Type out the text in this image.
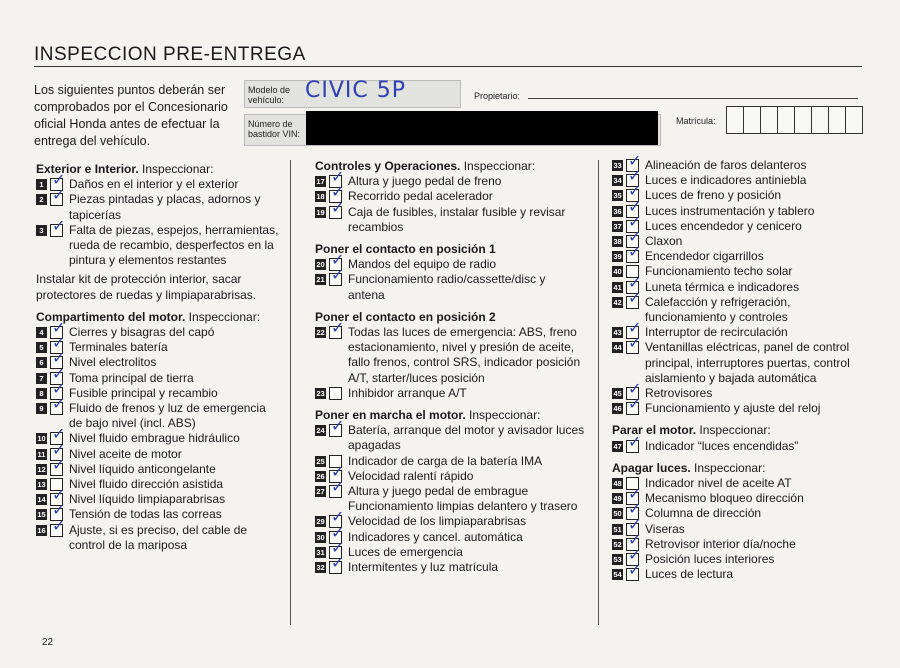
INSPECCION PRE-ENTREGA
Los siguientes puntos deberán ser comprobados por el Concesionario oficial Honda antes de efectuar la entrega del vehículo.
Modelo de vehículo: CIVIC 5P	Propietario:
Número de bastidor VIN:
Matrícula:
Exterior e Interior. Inspeccionar:
1 ✓ Daños en el interior y el exterior
2 ✓ Piezas pintadas y placas, adornos y tapicerías
3 ✓ Falta de piezas, espejos, herramientas, rueda de recambio, desperfectos en la pintura y elementos restantes
Instalar kit de protección interior, sacar protectores de ruedas y limpiaparabrisas.
Compartimento del motor. Inspeccionar:
4 ✓ Cierres y bisagras del capó
5 ✓ Terminales batería
6 ✓ Nivel electrolitos
7 ✓ Toma principal de tierra
8 ✓ Fusible principal y recambio
9 ✓ Fluido de frenos y luz de emergencia de bajo nivel (incl. ABS)
10 ✓ Nivel fluido embrague hidráulico
11 ✓ Nivel aceite de motor
12 ✓ Nivel líquido anticongelante
13 Nivel fluido dirección asistida
14 ✓ Nivel líquido limpiaparabrisas
15 ✓ Tensión de todas las correas
16 ✓ Ajuste, si es preciso, del cable de control de la mariposa
Controles y Operaciones. Inspeccionar:
17 ✓ Altura y juego pedal de freno
18 ✓ Recorrido pedal acelerador
19 ✓ Caja de fusibles, instalar fusible y revisar recambios
Poner el contacto en posición 1
20 ✓ Mandos del equipo de radio
21 ✓ Funcionamiento radio/cassette/disc y antena
Poner el contacto en posición 2
22 ✓ Todas las luces de emergencia: ABS, freno estacionamiento, nivel y presión de aceite, fallo frenos, control SRS, indicador posición A/T, starter/luces posición
23 Inhibidor arranque A/T
Poner en marcha el motor. Inspeccionar:
24 ✓ Batería, arranque del motor y avisador luces apagadas
25 Indicador de carga de la batería IMA
26 ✓ Velocidad ralentí rápido
27 ✓ Altura y juego pedal de embrague Funcionamiento limpias delantero y trasero
29 ✓ Velocidad de los limpiaparabrisas
30 ✓ Indicadores y cancel. automática
31 ✓ Luces de emergencia
32 ✓ Intermitentes y luz matrícula
33 ✓ Alineación de faros delanteros
34 ✓ Luces e indicadores antiniebla
35 ✓ Luces de freno y posición
36 ✓ Luces instrumentación y tablero
37 ✓ Luces encendedor y cenicero
38 ✓ Claxon
39 ✓ Encendedor cigarrillos
40 Funcionamiento techo solar
41 ✓ Luneta térmica e indicadores
42 ✓ Calefacción y refrigeración, funcionamiento y controles
43 ✓ Interruptor de recirculación
44 ✓ Ventanillas eléctricas, panel de control principal, interruptores puertas, control aislamiento y bajada automática
45 ✓ Retrovisores
46 ✓ Funcionamiento y ajuste del reloj
Parar el motor. Inspeccionar:
47 ✓ Indicador “luces encendidas”
Apagar luces. Inspeccionar:
48 Indicador nivel de aceite AT
49 ✓ Mecanismo bloqueo dirección
50 ✓ Columna de dirección
51 ✓ Viseras
52 ✓ Retrovisor interior día/noche
53 ✓ Posición luces interiores
54 ✓ Luces de lectura
22
